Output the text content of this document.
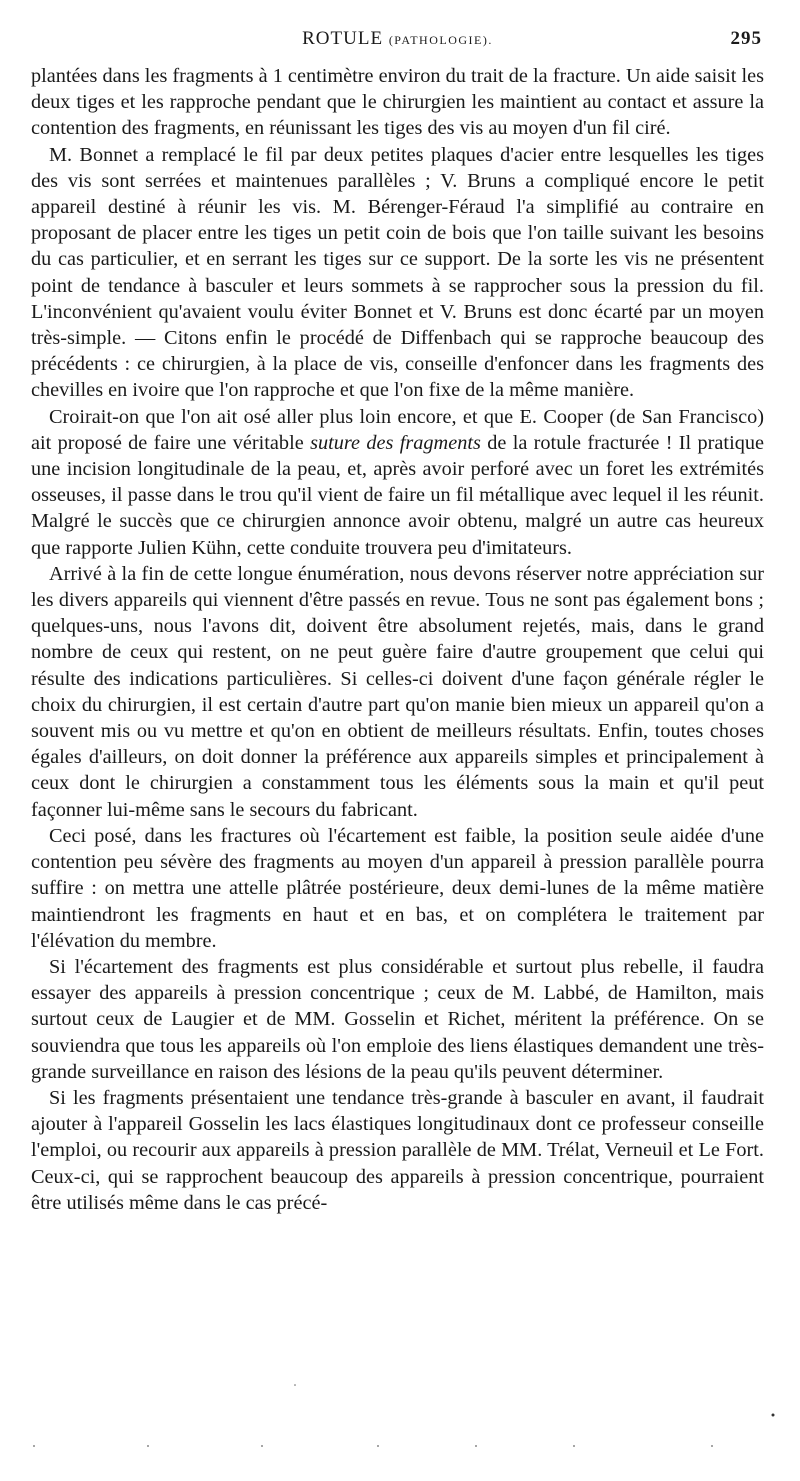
ROTULE (PATHOLOGIE).	295

plantées dans les fragments à 1 centimètre environ du trait de la fracture. Un aide saisit les deux tiges et les rapproche pendant que le chirurgien les maintient au contact et assure la contention des fragments, en réunissant les tiges des vis au moyen d'un fil ciré.

M. Bonnet a remplacé le fil par deux petites plaques d'acier entre lesquelles les tiges des vis sont serrées et maintenues parallèles ; V. Bruns a compliqué encore le petit appareil destiné à réunir les vis. M. Bérenger-Féraud l'a simplifié au contraire en proposant de placer entre les tiges un petit coin de bois que l'on taille suivant les besoins du cas particulier, et en serrant les tiges sur ce support. De la sorte les vis ne présentent point de tendance à basculer et leurs sommets à se rapprocher sous la pression du fil. L'inconvénient qu'avaient voulu éviter Bonnet et V. Bruns est donc écarté par un moyen très-simple. — Citons enfin le procédé de Diffenbach qui se rapproche beaucoup des précédents : ce chirurgien, à la place de vis, conseille d'enfoncer dans les fragments des chevilles en ivoire que l'on rapproche et que l'on fixe de la même manière.

Croirait-on que l'on ait osé aller plus loin encore, et que E. Cooper (de San Francisco) ait proposé de faire une véritable suture des fragments de la rotule fracturée ! Il pratique une incision longitudinale de la peau, et, après avoir perforé avec un foret les extrémités osseuses, il passe dans le trou qu'il vient de faire un fil métallique avec lequel il les réunit. Malgré le succès que ce chirurgien annonce avoir obtenu, malgré un autre cas heureux que rapporte Julien Kühn, cette conduite trouvera peu d'imitateurs.

Arrivé à la fin de cette longue énumération, nous devons réserver notre appréciation sur les divers appareils qui viennent d'être passés en revue. Tous ne sont pas également bons ; quelques-uns, nous l'avons dit, doivent être absolument rejetés, mais, dans le grand nombre de ceux qui restent, on ne peut guère faire d'autre groupement que celui qui résulte des indications particulières. Si celles-ci doivent d'une façon générale régler le choix du chirurgien, il est certain d'autre part qu'on manie bien mieux un appareil qu'on a souvent mis ou vu mettre et qu'on en obtient de meilleurs résultats. Enfin, toutes choses égales d'ailleurs, on doit donner la préférence aux appareils simples et principalement à ceux dont le chirurgien a constamment tous les éléments sous la main et qu'il peut façonner lui-même sans le secours du fabricant.

Ceci posé, dans les fractures où l'écartement est faible, la position seule aidée d'une contention peu sévère des fragments au moyen d'un appareil à pression parallèle pourra suffire : on mettra une attelle plâtrée postérieure, deux demi-lunes de la même matière maintiendront les fragments en haut et en bas, et on complétera le traitement par l'élévation du membre.

Si l'écartement des fragments est plus considérable et surtout plus rebelle, il faudra essayer des appareils à pression concentrique ; ceux de M. Labbé, de Hamilton, mais surtout ceux de Laugier et de MM. Gosselin et Richet, méritent la préférence. On se souviendra que tous les appareils où l'on emploie des liens élastiques demandent une très-grande surveillance en raison des lésions de la peau qu'ils peuvent déterminer.

Si les fragments présentaient une tendance très-grande à basculer en avant, il faudrait ajouter à l'appareil Gosselin les lacs élastiques longitudinaux dont ce professeur conseille l'emploi, ou recourir aux appareils à pression parallèle de MM. Trélat, Verneuil et Le Fort. Ceux-ci, qui se rapprochent beaucoup des appareils à pression concentrique, pourraient être utilisés même dans le cas précé-
